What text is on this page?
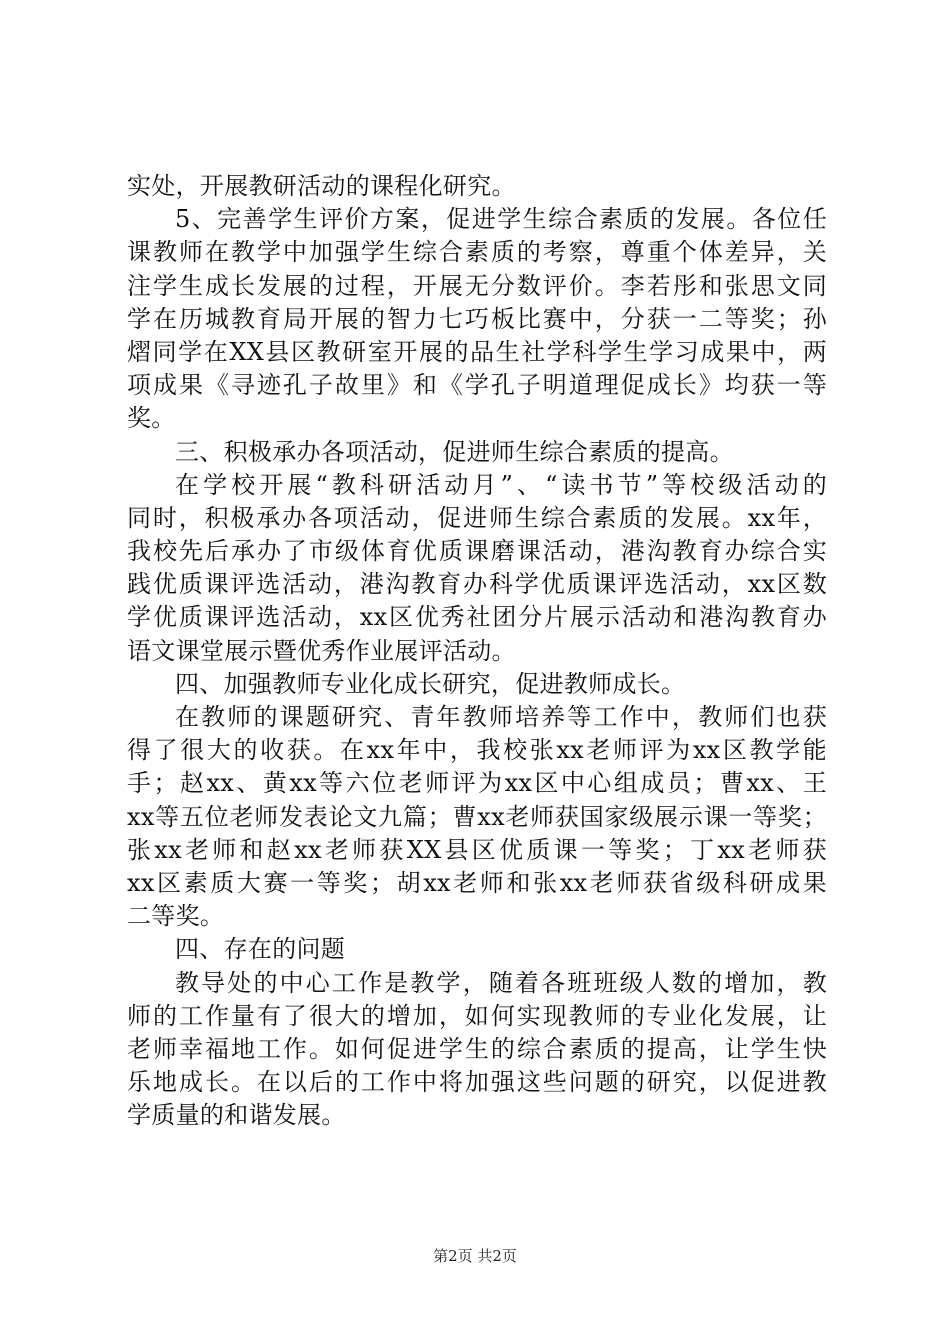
实处，开展教研活动的课程化研究。
5、完善学生评价方案，促进学生综合素质的发展。各位任
课教师在教学中加强学生综合素质的考察，尊重个体差异，关
注学生成长发展的过程，开展无分数评价。李若彤和张思文同
学在历城教育局开展的智力七巧板比赛中，分获一二等奖；孙
熠同学在XX县区教研室开展的品生社学科学生学习成果中，两
项成果《寻迹孔子故里》和《学孔子明道理促成长》均获一等
奖。
三、积极承办各项活动，促进师生综合素质的提高。
在学校开展“教科研活动月”、“读书节”等校级活动的
同时，积极承办各项活动，促进师生综合素质的发展。xx年，
我校先后承办了市级体育优质课磨课活动，港沟教育办综合实
践优质课评选活动，港沟教育办科学优质课评选活动，xx区数
学优质课评选活动，xx区优秀社团分片展示活动和港沟教育办
语文课堂展示暨优秀作业展评活动。
四、加强教师专业化成长研究，促进教师成长。
在教师的课题研究、青年教师培养等工作中，教师们也获
得了很大的收获。在xx年中，我校张xx老师评为xx区教学能
手；赵xx、黄xx等六位老师评为xx区中心组成员；曹xx、王
xx等五位老师发表论文九篇；曹xx老师获国家级展示课一等奖；
张xx老师和赵xx老师获XX县区优质课一等奖；丁xx老师获
xx区素质大赛一等奖；胡xx老师和张xx老师获省级科研成果
二等奖。
四、存在的问题
教导处的中心工作是教学，随着各班班级人数的增加，教
师的工作量有了很大的增加，如何实现教师的专业化发展，让
老师幸福地工作。如何促进学生的综合素质的提高，让学生快
乐地成长。在以后的工作中将加强这些问题的研究，以促进教
学质量的和谐发展。
第2页 共2页
